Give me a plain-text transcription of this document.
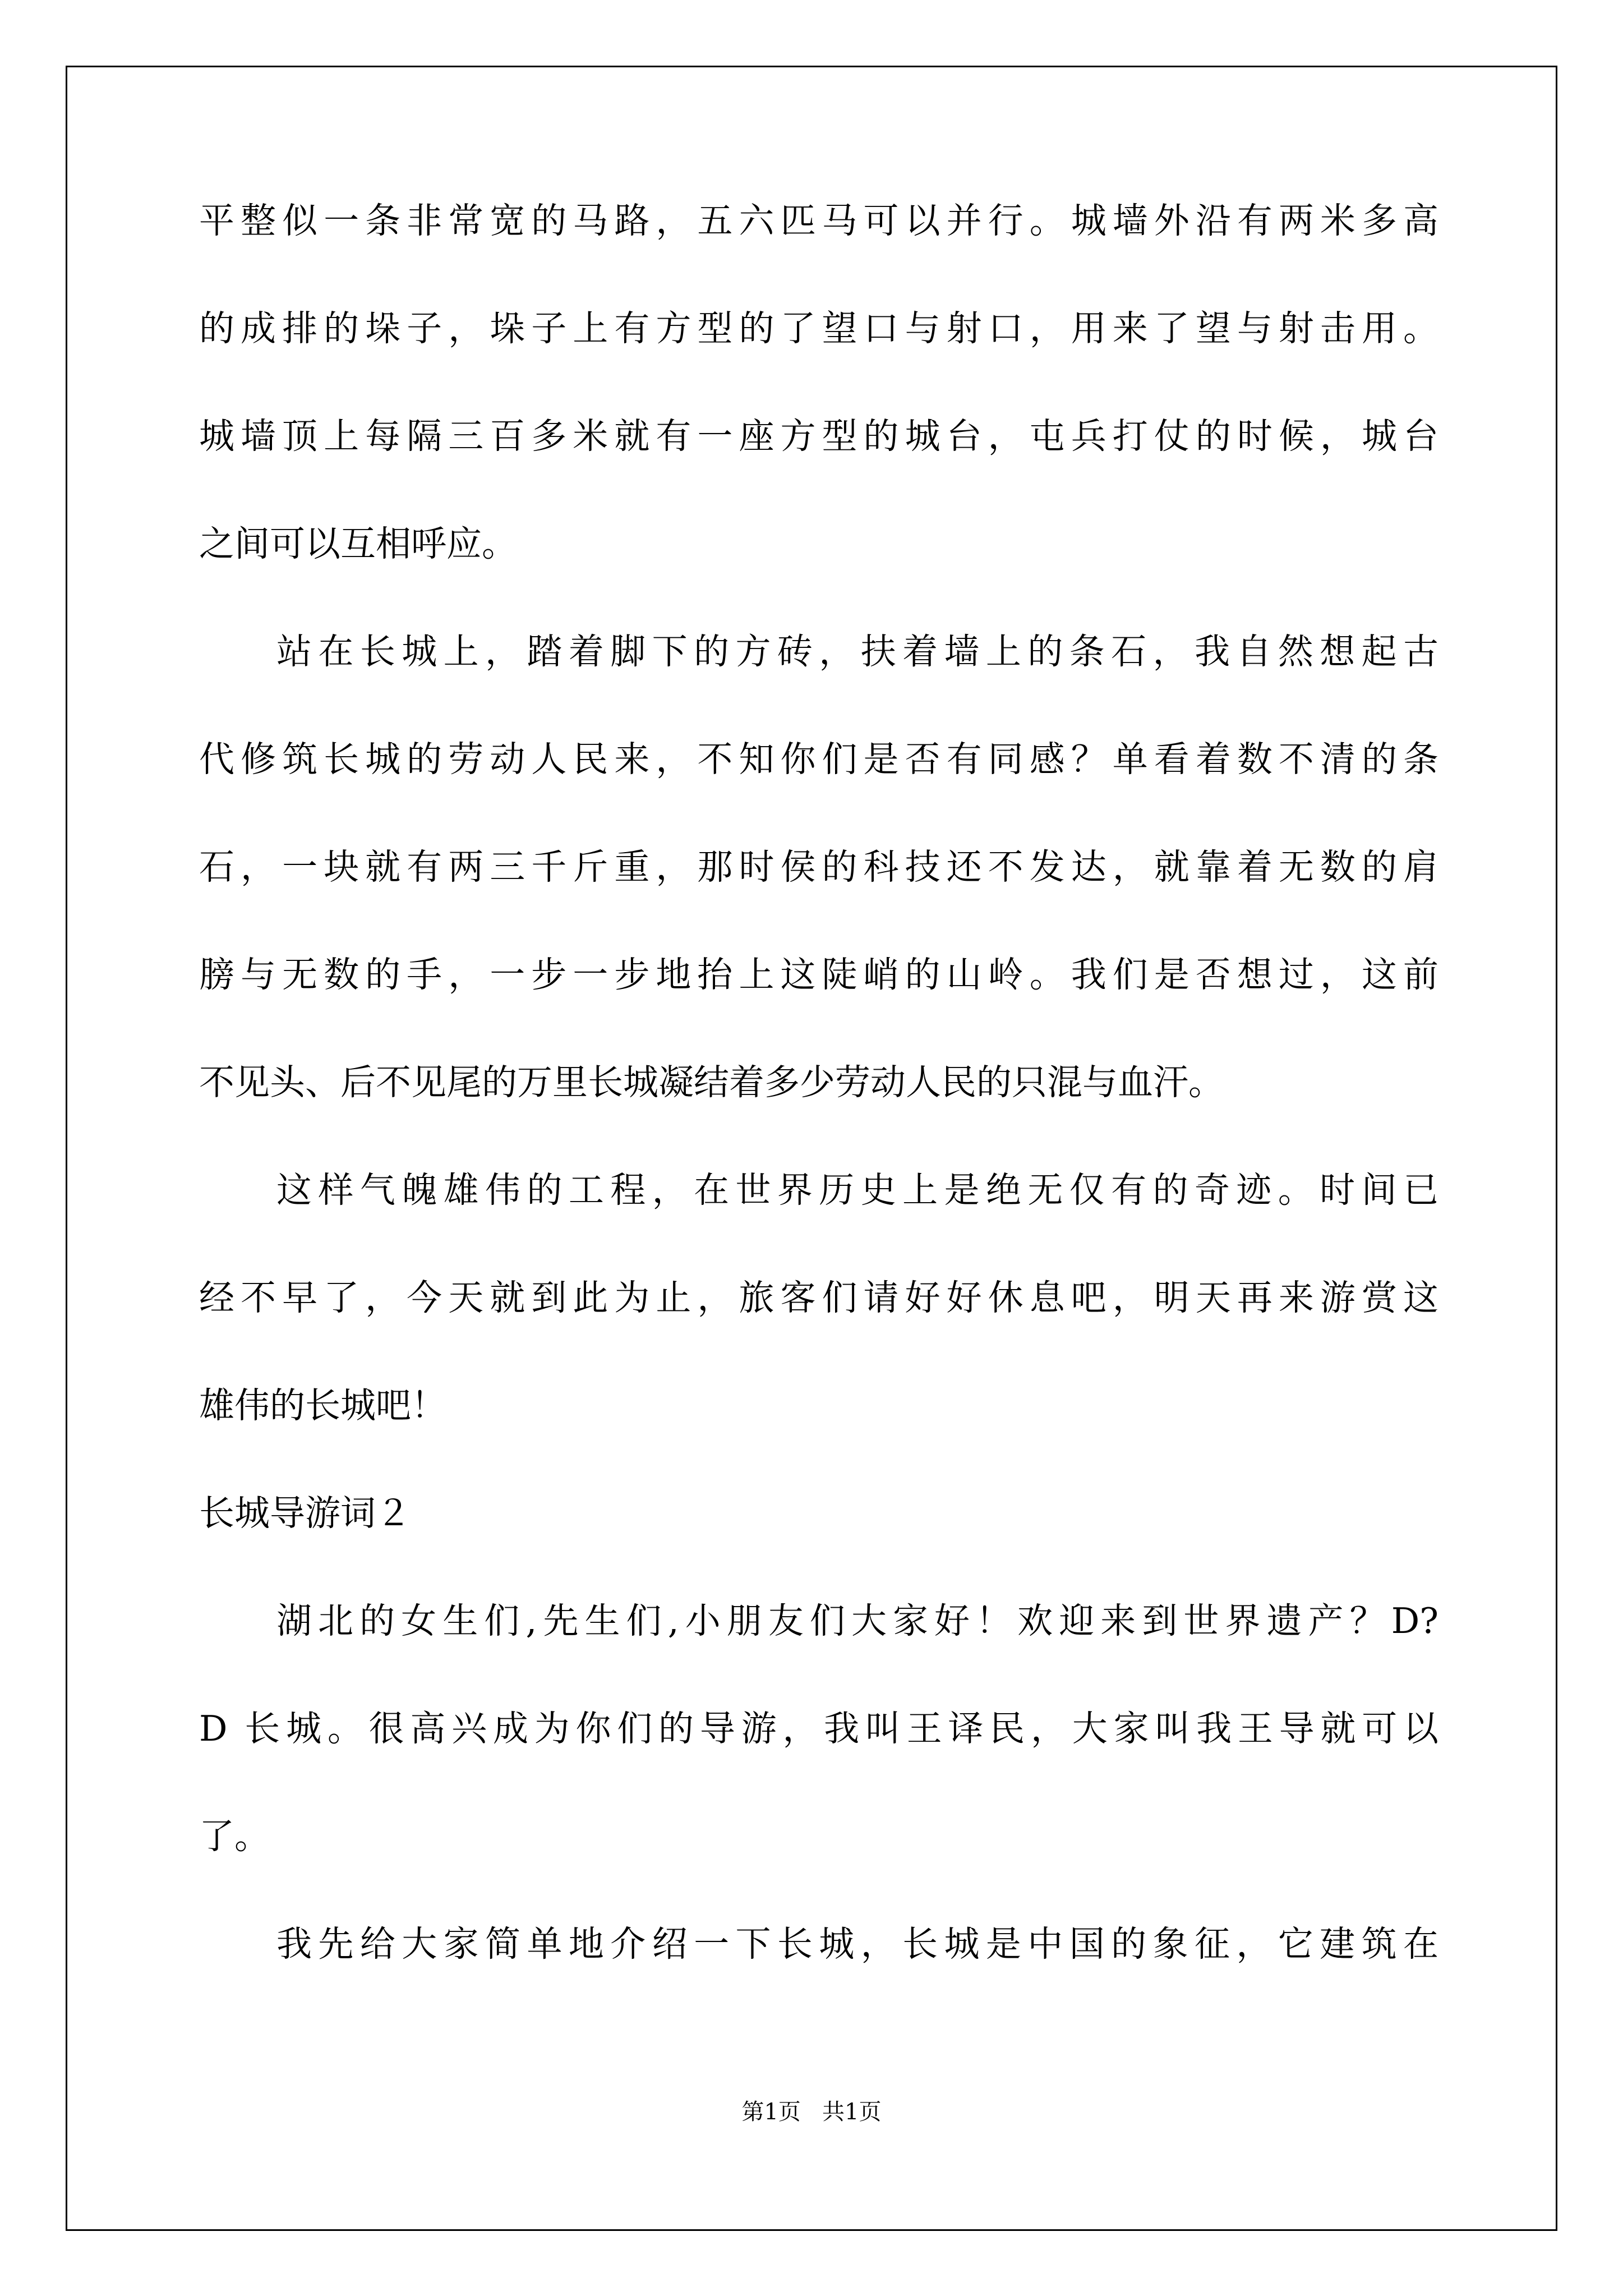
平整似一条非常宽的马路，五六匹马可以并行。城墙外沿有两米多高
的成排的垛子，垛子上有方型的了望口与射口，用来了望与射击用。
城墙顶上每隔三百多米就有一座方型的城台，屯兵打仗的时候，城台
之间可以互相呼应。
站在长城上，踏着脚下的方砖，扶着墙上的条石，我自然想起古
代修筑长城的劳动人民来，不知你们是否有同感？单看着数不清的条
石，一块就有两三千斤重，那时侯的科技还不发达，就靠着无数的肩
膀与无数的手，一步一步地抬上这陡峭的山岭。我们是否想过，这前
不见头、后不见尾的万里长城凝结着多少劳动人民的只混与血汗。
这样气魄雄伟的工程，在世界历史上是绝无仅有的奇迹。时间已
经不早了，今天就到此为止，旅客们请好好休息吧，明天再来游赏这
雄伟的长城吧！
长城导游词２
湖北的女生们,先生们,小朋友们大家好！欢迎来到世界遗产？D?
D 长城。很高兴成为你们的导游，我叫王译民，大家叫我王导就可以
了。
我先给大家简单地介绍一下长城，长城是中国的象征，它建筑在
第1页   共1页
